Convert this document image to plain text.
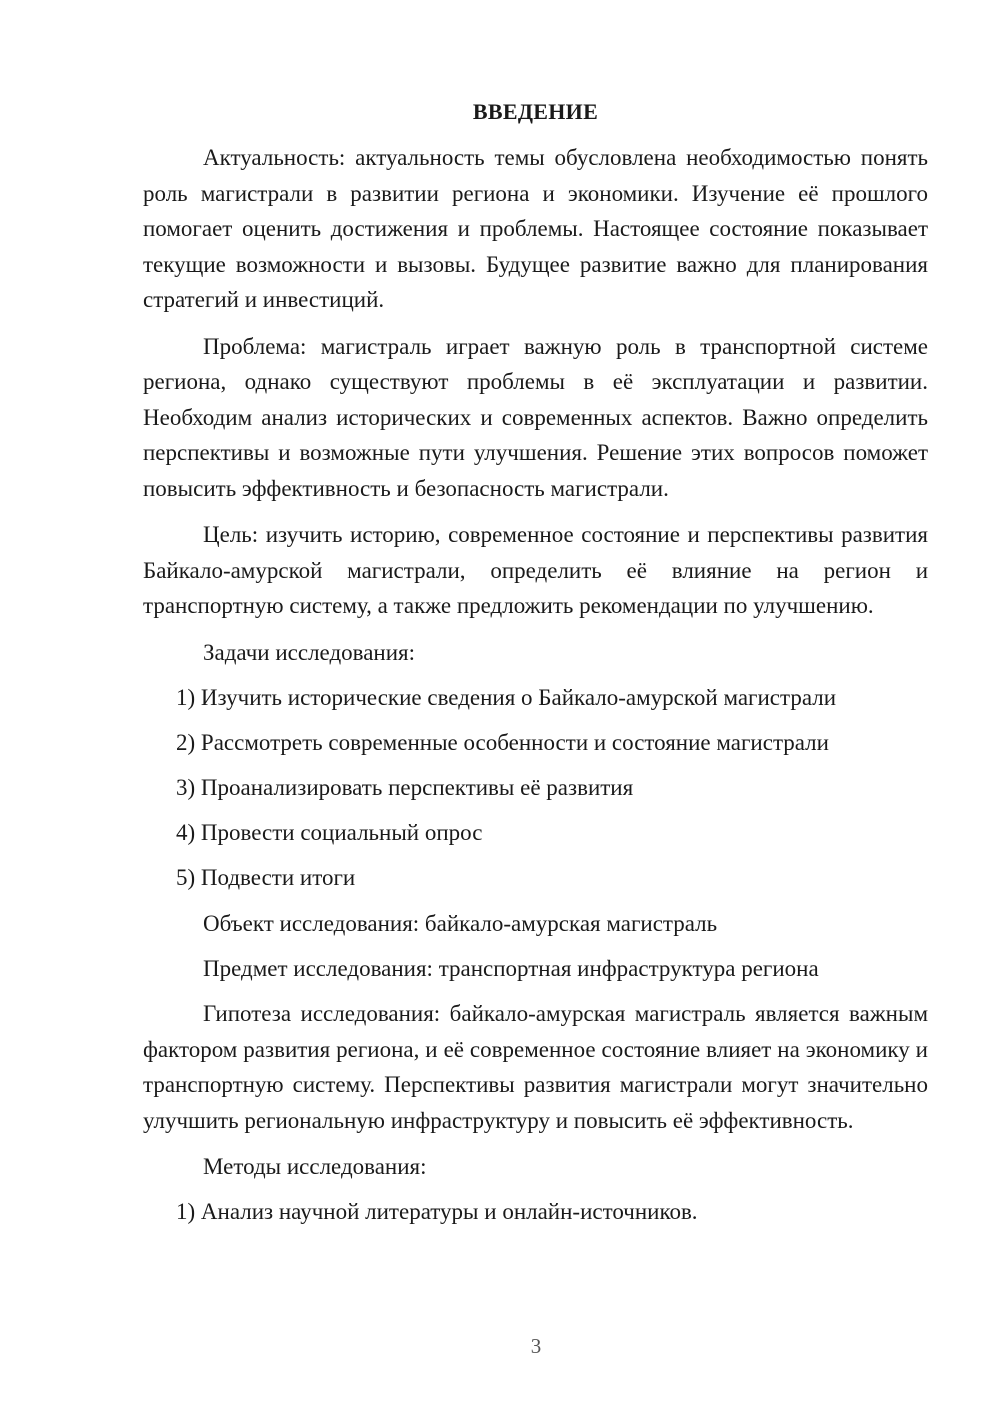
ВВЕДЕНИЕ

Актуальность: актуальность темы обусловлена необходимостью понять роль магистрали в развитии региона и экономики. Изучение её прошлого помогает оценить достижения и проблемы. Настоящее состояние показывает текущие возможности и вызовы. Будущее развитие важно для планирования стратегий и инвестиций.

Проблема: магистраль играет важную роль в транспортной системе региона, однако существуют проблемы в её эксплуатации и развитии. Необходим анализ исторических и современных аспектов. Важно определить перспективы и возможные пути улучшения. Решение этих вопросов поможет повысить эффективность и безопасность магистрали.

Цель: изучить историю, современное состояние и перспективы развития Байкало-амурской магистрали, определить её влияние на регион и транспортную систему, а также предложить рекомендации по улучшению.

Задачи исследования:
1) Изучить исторические сведения о Байкало-амурской магистрали
2) Рассмотреть современные особенности и состояние магистрали
3) Проанализировать перспективы её развития
4) Провести социальный опрос
5) Подвести итоги
Объект исследования: байкало-амурская магистраль
Предмет исследования: транспортная инфраструктура региона

Гипотеза исследования: байкало-амурская магистраль является важным фактором развития региона, и её современное состояние влияет на экономику и транспортную систему. Перспективы развития магистрали могут значительно улучшить региональную инфраструктуру и повысить её эффективность.

Методы исследования:
1) Анализ научной литературы и онлайн-источников.
3
